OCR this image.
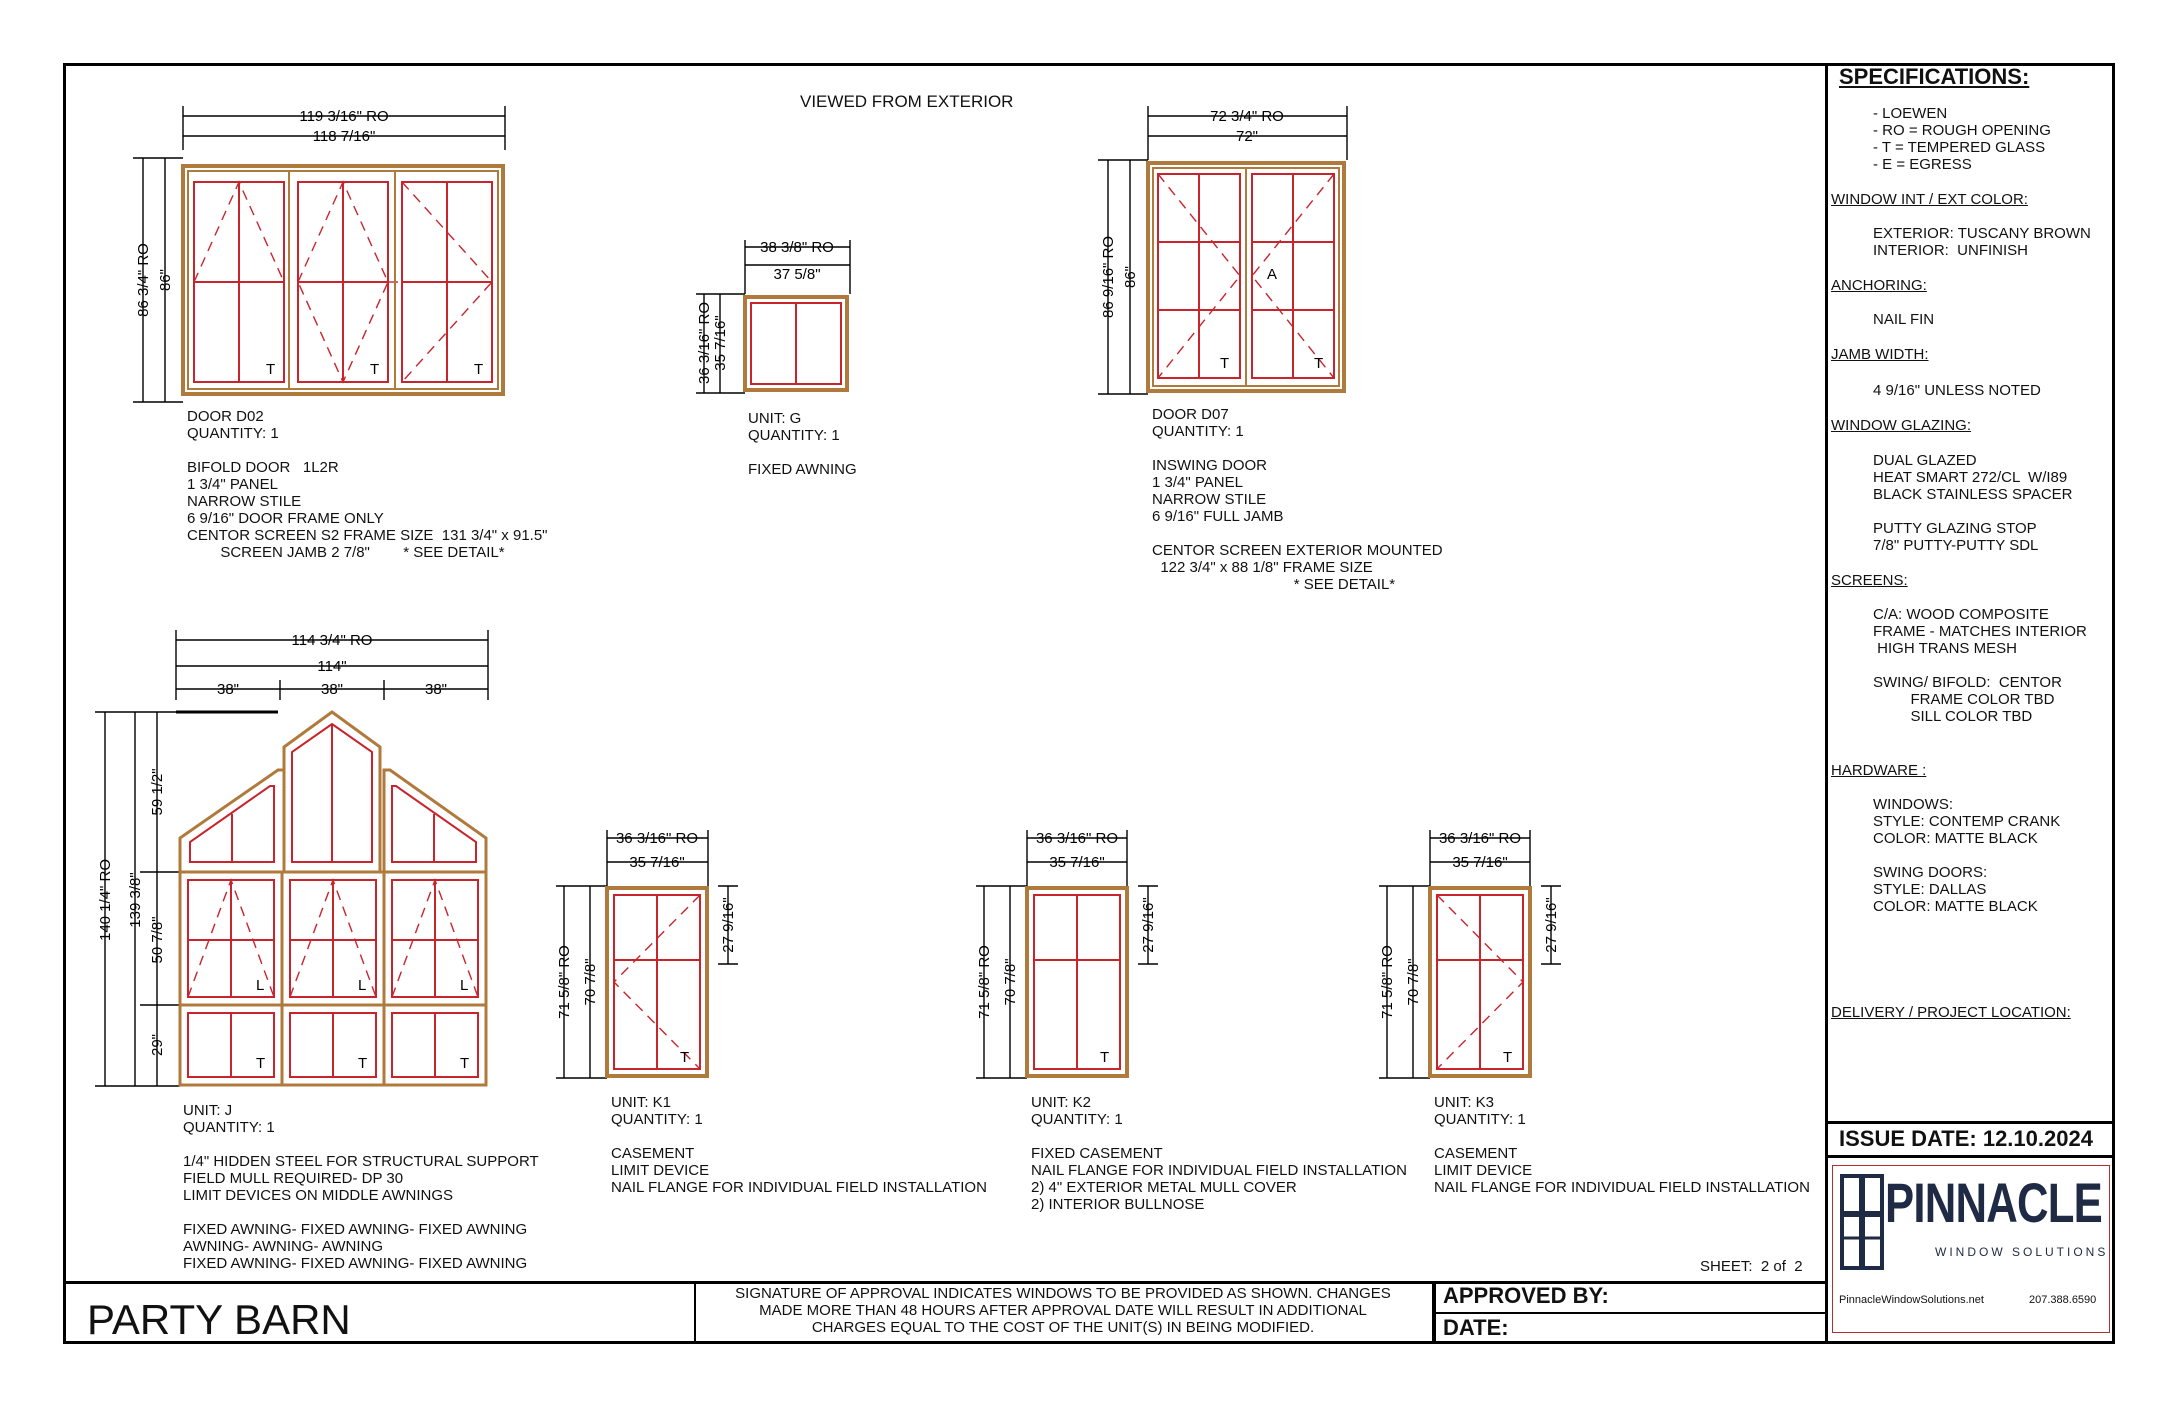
VIEWED FROM EXTERIOR
119 3/16" RO
118 7/16"
86 3/4" RO 86"
T	T	T
38 3/8" RO
37 5/8"
36 3/16" RO 35 7/16"
72 3/4" RO
72"
86 9/16" RO 86"
T
A
T
114 3/4" RO
114"
38"	38"	38"
140 1/4" RO 139 3/8"
59 1/2"
50 7/8"
29"
L	L	L
T	T	T
36 3/16" RO
35 7/16"
71 5/8" RO 70 7/8"
27 9/16"
T
36 3/16" RO
35 7/16"
71 5/8" RO 70 7/8"
27 9/16"
T
36 3/16" RO
35 7/16"
71 5/8" RO 70 7/8"
27 9/16"
T
DOOR D02
QUANTITY: 1

BIFOLD DOOR   1L2R
1 3/4" PANEL
NARROW STILE
6 9/16" DOOR FRAME ONLY
CENTOR SCREEN S2 FRAME SIZE  131 3/4" x 91.5"
SCREEN JAMB 2 7/8"        * SEE DETAIL*
UNIT: G
QUANTITY: 1

FIXED AWNING
DOOR D07
QUANTITY: 1

INSWING DOOR
1 3/4" PANEL
NARROW STILE
6 9/16" FULL JAMB

CENTOR SCREEN EXTERIOR MOUNTED
122 3/4" x 88 1/8" FRAME SIZE
* SEE DETAIL*
UNIT: J
QUANTITY: 1

1/4" HIDDEN STEEL FOR STRUCTURAL SUPPORT
FIELD MULL REQUIRED- DP 30
LIMIT DEVICES ON MIDDLE AWNINGS

FIXED AWNING- FIXED AWNING- FIXED AWNING
AWNING- AWNING- AWNING
FIXED AWNING- FIXED AWNING- FIXED AWNING
UNIT: K1
QUANTITY: 1

CASEMENT
LIMIT DEVICE
NAIL FLANGE FOR INDIVIDUAL FIELD INSTALLATION
UNIT: K2
QUANTITY: 1

FIXED CASEMENT
NAIL FLANGE FOR INDIVIDUAL FIELD INSTALLATION
2) 4" EXTERIOR METAL MULL COVER
2) INTERIOR BULLNOSE
UNIT: K3
QUANTITY: 1

CASEMENT
LIMIT DEVICE
NAIL FLANGE FOR INDIVIDUAL FIELD INSTALLATION
SPECIFICATIONS:
- LOEWEN
- RO = ROUGH OPENING
- T = TEMPERED GLASS
- E = EGRESS
WINDOW INT / EXT COLOR:
EXTERIOR: TUSCANY BROWN
INTERIOR:  UNFINISH
ANCHORING:
NAIL FIN
JAMB WIDTH:
4 9/16" UNLESS NOTED
WINDOW GLAZING:
DUAL GLAZED
HEAT SMART 272/CL  W/I89
BLACK STAINLESS SPACER

PUTTY GLAZING STOP
7/8" PUTTY-PUTTY SDL
SCREENS:
C/A: WOOD COMPOSITE
FRAME - MATCHES INTERIOR
HIGH TRANS MESH

SWING/ BIFOLD:  CENTOR
FRAME COLOR TBD
SILL COLOR TBD
HARDWARE :
WINDOWS:
STYLE: CONTEMP CRANK
COLOR: MATTE BLACK

SWING DOORS:
STYLE: DALLAS
COLOR: MATTE BLACK
DELIVERY / PROJECT LOCATION:
ISSUE DATE: 12.10.2024
PINNACLE
WINDOW SOLUTIONS
PinnacleWindowSolutions.net	207.388.6590
SHEET:  2 of  2
PARTY BARN
SIGNATURE OF APPROVAL INDICATES WINDOWS TO BE PROVIDED AS SHOWN. CHANGES
MADE MORE THAN 48 HOURS AFTER APPROVAL DATE WILL RESULT IN ADDITIONAL
CHARGES EQUAL TO THE COST OF THE UNIT(S) IN BEING MODIFIED.
APPROVED BY:
DATE:
